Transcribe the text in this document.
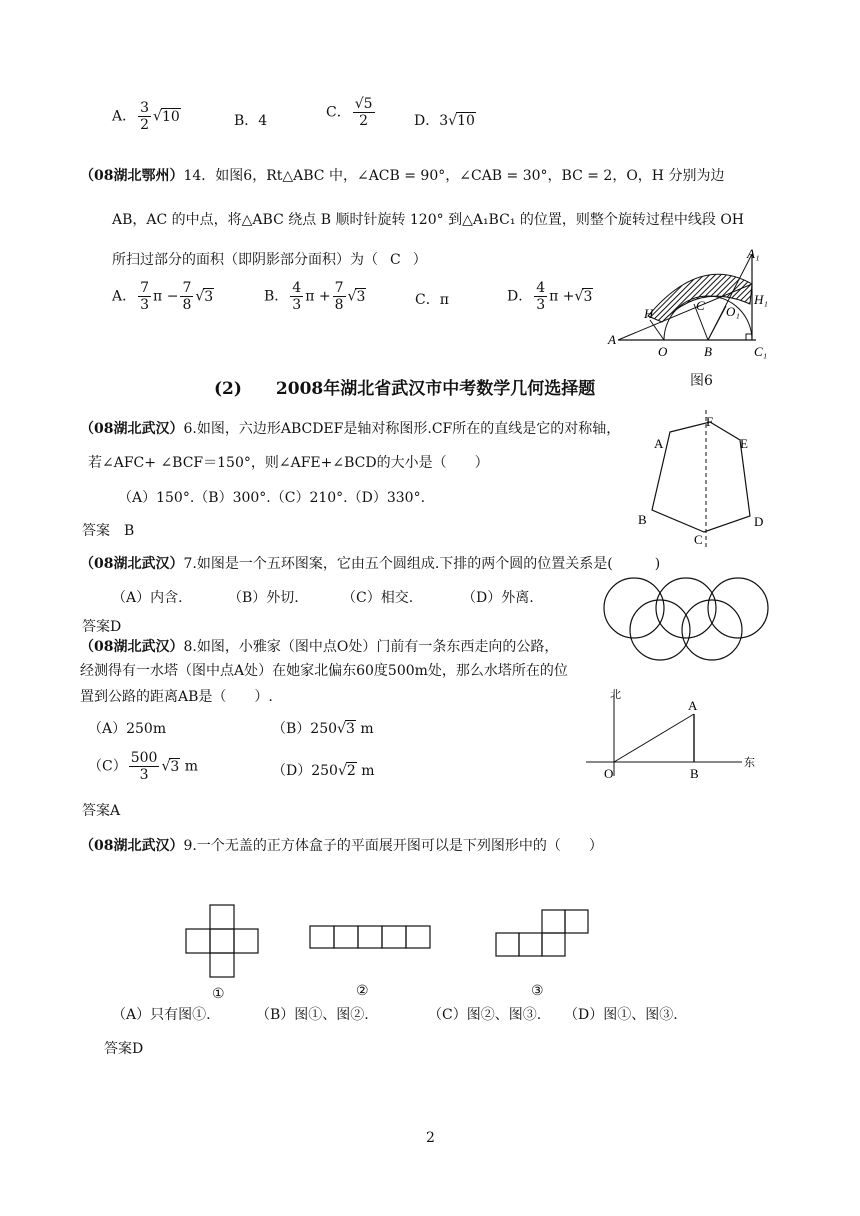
A． $\frac{3}{2} √10$	B．4
C． $\frac{√5}{2}$	D．3√10
（08湖北鄂州）14．如图6，Rt△ABC 中，∠ACB = 90°，∠CAB = 30°，BC = 2，O，H 分别为边
AB，AC 的中点，将△ABC 绕点 B 顺时针旋转 120° 到△A₁BC₁ 的位置，则整个旋转过程中线段 OH
所扫过部分的面积（即阴影部分面积）为（ C ）
A． $\frac{7}{3}$ $\pi - \frac{7}{8} √3$	B． $\frac{4}{3}$ $\pi + \frac{7}{8} √3$	C．π	D． $\frac{4}{3}$ π +√3
A
O	B
H
C O₁
A₁
H₁
C₁
(2) 2008年湖北省武汉市中考数学几何选择题	图6
（08湖北武汉）6.如图，六边形ABCDEF是轴对称图形.CF所在的直线是它的对称轴，
若∠AFC+ ∠BCF＝150°，则∠AFE+∠BCD的大小是（　　）
（A）150°.（B）300°.（C）210°.（D）330°.
答案　B
A
F
E
B	D
C
（08湖北武汉）7.如图是一个五环图案，它由五个圆组成.下排的两个圆的位置关系是(　　　)
（A）内含.	（B）外切.	（C）相交.	（D）外离.
答案D
（08湖北武汉）8.如图，小雅家（图中点O处）门前有一条东西走向的公路，
经测得有一水塔（图中点A处）在她家北偏东60度500m处，那么水塔所在的位
置到公路的距离AB是（　　）.
（A）250m	（B）250√3 m
$(C) \frac{500}{3} √3$ m	（D）250√2 m
答案A
北
东
A
O	B
（08湖北武汉）9.一个无盖的正方体盒子的平面展开图可以是下列图形中的（　　）
①	②	③
（A）只有图①.	（B）图①、图②.	（C）图②、图③. （D）图①、图③.
答案D
2
